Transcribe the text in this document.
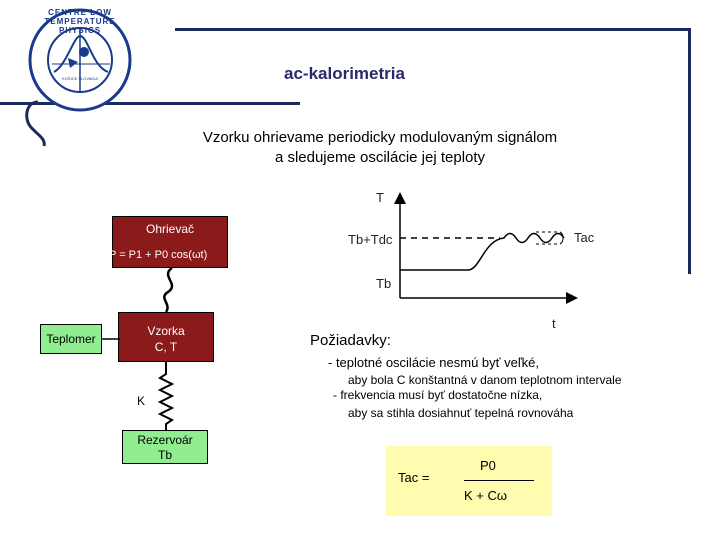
CENTRE LOW TEMPERATURE PHYSICS
KOŠICE SLOVAKIA	ac-kalorimetria
Vzorku ohrievame periodicky modulovaným signálom
a sledujeme oscilácie jej teploty
Ohrievač
P = P1 + P0 cos(ωt)
Vzorka
C, T
Teplomer
K
Rezervoár
Tb
T
t
Tb+Tdc
Tb
Tac
Požiadavky:
- teplotné oscilácie nesmú byť veľké,
aby bola C konštantná v danom teplotnom intervale
- frekvencia musí byť dostatočne nízka,
aby sa stihla dosiahnuť tepelná rovnováha
Tac =
P0
K + Cω
